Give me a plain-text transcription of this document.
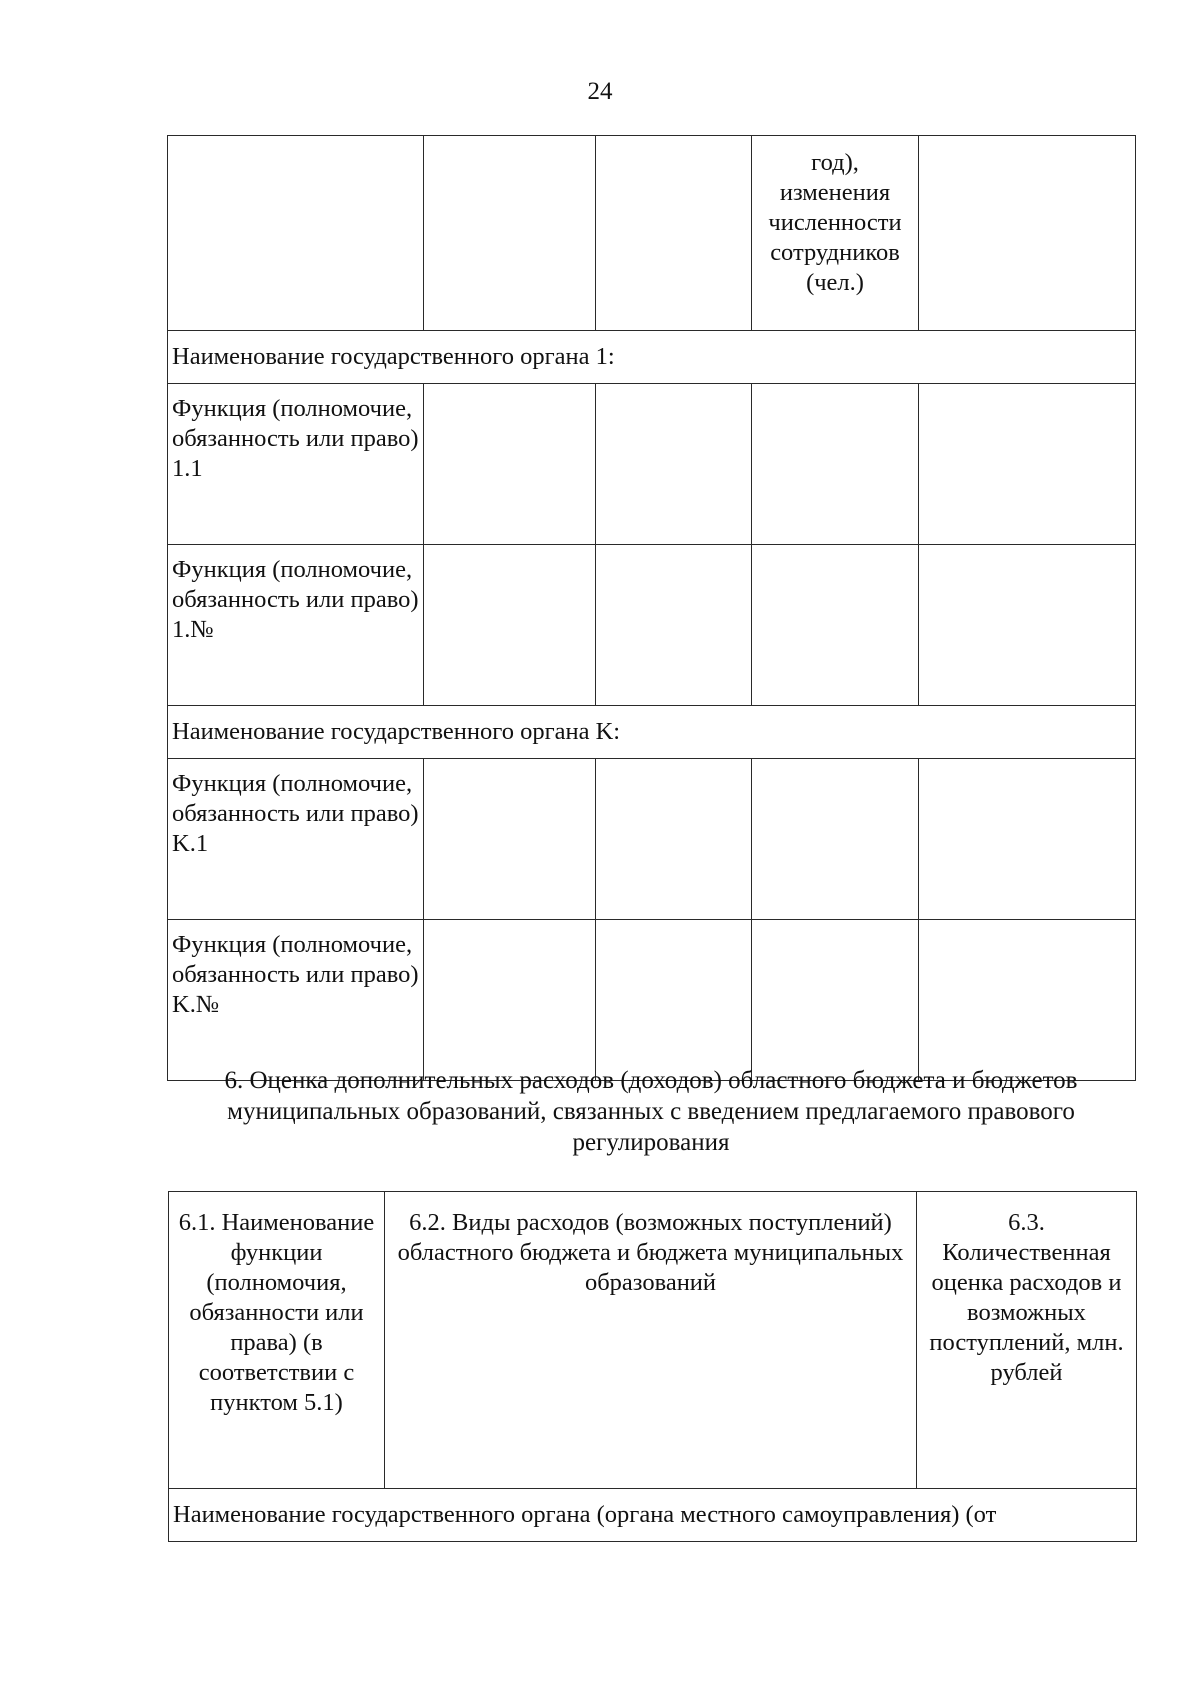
24
			год), изменения численности сотрудников (чел.)	
Наименование государственного органа 1:				
Функция (полномочие, обязанность или право) 1.1				
Функция (полномочие, обязанность или право) 1.№				
Наименование государственного органа K:				
Функция (полномочие, обязанность или право) K.1				
Функция (полномочие, обязанность или право) K.№				
6. Оценка дополнительных расходов (доходов) областного бюджета и бюджетов муниципальных образований, связанных с введением предлагаемого правового регулирования
6.1. Наименование функции (полномочия, обязанности или права) (в соответствии с пунктом 5.1)	6.2. Виды расходов (возможных поступлений) областного бюджета и бюджета муниципальных образований	6.3. Количественная оценка расходов и возможных поступлений, млн. рублей
Наименование государственного органа (органа местного самоуправления) (от
